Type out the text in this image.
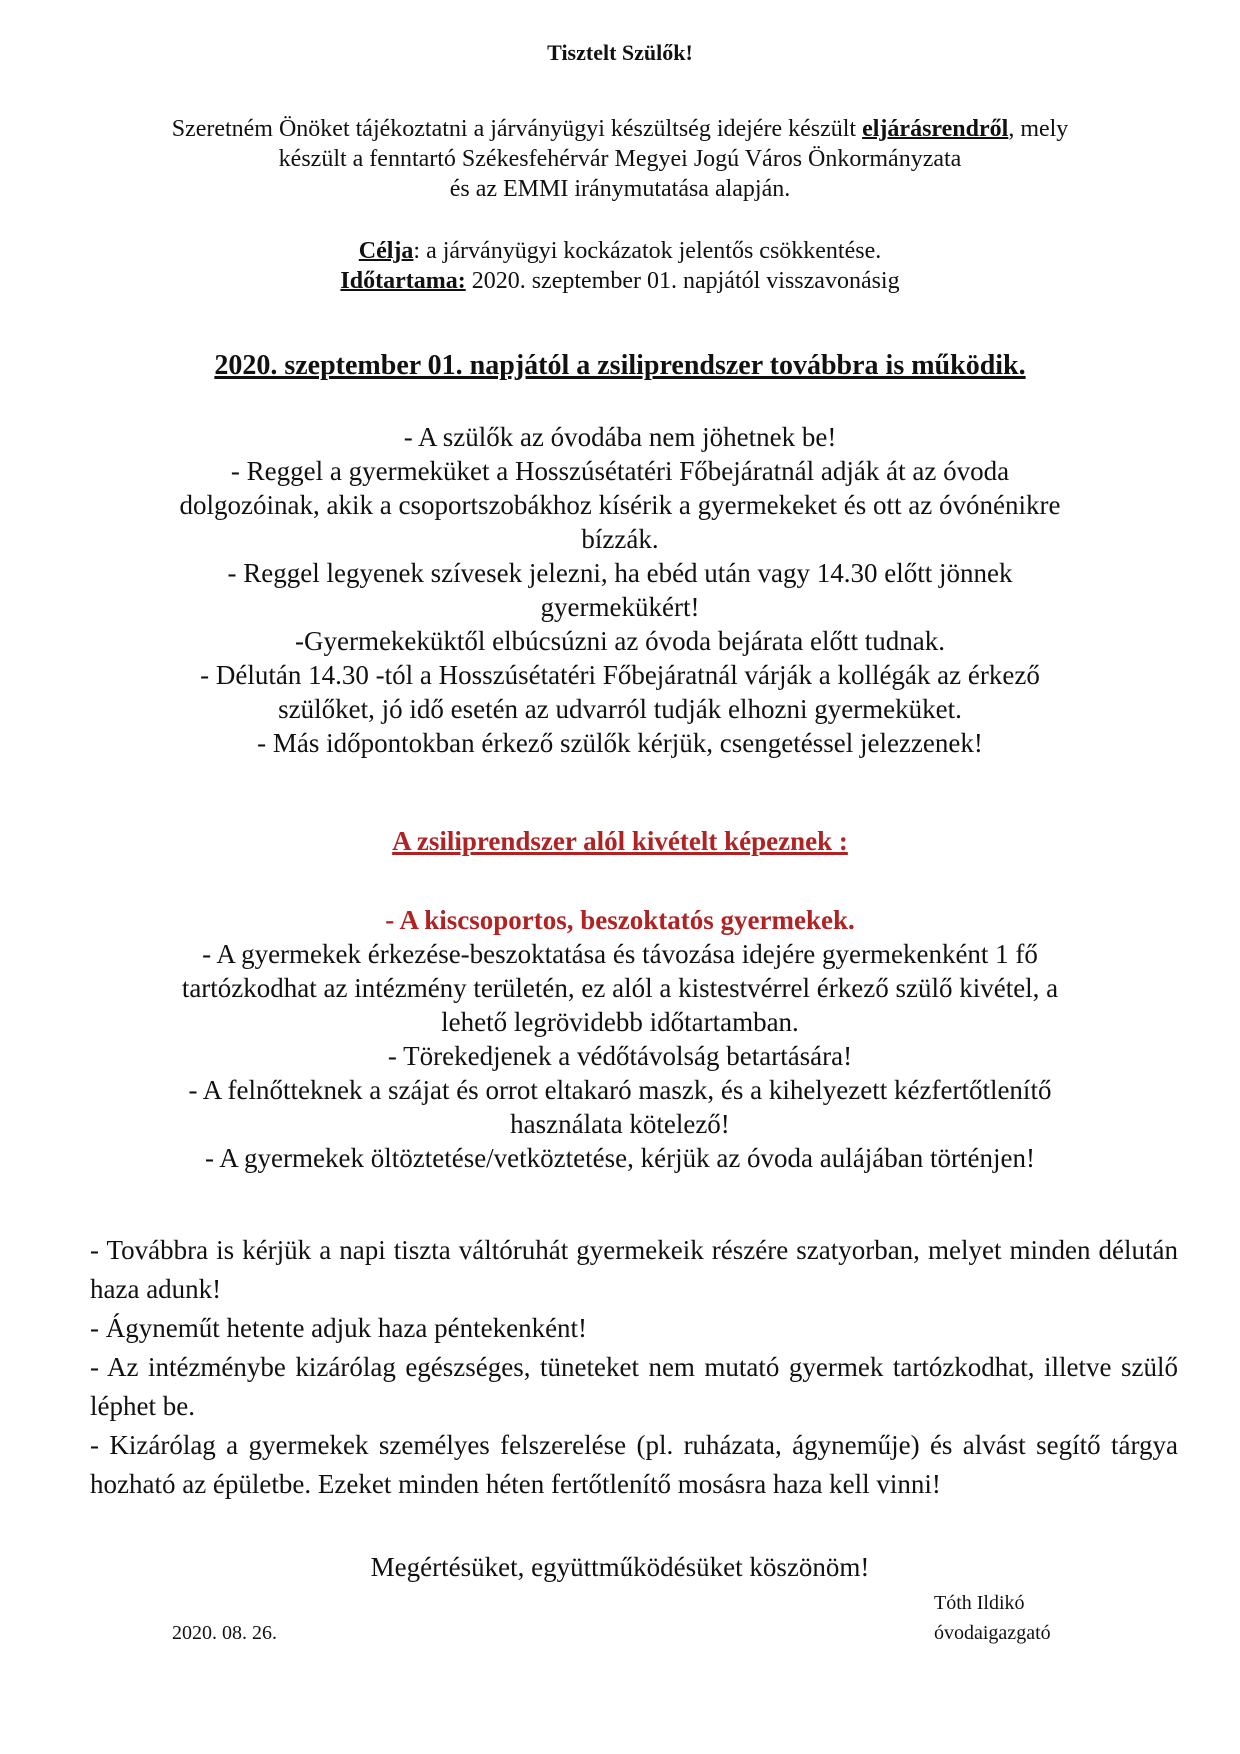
Tisztelt Szülők!
Szeretném Önöket tájékoztatni a járványügyi készültség idejére készült eljárásrendről, mely
készült a fenntartó Székesfehérvár Megyei Jogú Város Önkormányzata
és az EMMI iránymutatása alapján.
Célja: a járványügyi kockázatok jelentős csökkentése.
Időtartama: 2020. szeptember 01. napjától visszavonásig
2020. szeptember 01. napjától a zsiliprendszer továbbra is működik.

- A szülők az óvodába nem jöhetnek be!

- Reggel a gyermeküket a Hosszúsétatéri Főbejáratnál adják át az óvoda

dolgozóinak, akik a csoportszobákhoz kísérik a gyermekeket és ott az óvónénikre

bízzák.

- Reggel legyenek szívesek jelezni, ha ebéd után vagy 14.30 előtt jönnek

gyermekükért!

-Gyermekeküktől elbúcsúzni az óvoda bejárata előtt tudnak.

- Délután 14.30 -tól a Hosszúsétatéri Főbejáratnál várják a kollégák az érkező

szülőket, jó idő esetén az udvarról tudják elhozni gyermeküket.

- Más időpontokban érkező szülők kérjük, csengetéssel jelezzenek!

A zsiliprendszer alól kivételt képeznek :
- A kiscsoportos, beszoktatós gyermekek.

- A gyermekek érkezése-beszoktatása és távozása idejére gyermekenként 1 fő

tartózkodhat az intézmény területén, ez alól a kistestvérrel érkező szülő kivétel, a

lehető legrövidebb időtartamban.

- Törekedjenek a védőtávolság betartására!

- A felnőtteknek a szájat és orrot eltakaró maszk, és a kihelyezett kézfertőtlenítő

használata kötelező!

- A gyermekek öltöztetése/vetköztetése, kérjük az óvoda aulájában történjen!

- Továbbra is kérjük a napi tiszta váltóruhát gyermekeik részére szatyorban, melyet minden délután haza adunk!

- Ágyneműt hetente adjuk haza péntekenként!

- Az intézménybe kizárólag egészséges, tüneteket nem mutató gyermek tartózkodhat, illetve szülő léphet be.

- Kizárólag a gyermekek személyes felszerelése (pl. ruházata, ágyneműje) és alvást segítő tárgya hozható az épületbe. Ezeket minden héten fertőtlenítő mosásra haza kell vinni!

Megértésüket, együttműködésüket köszönöm!
Tóth Ildikó
óvodaigazgató
2020. 08. 26.
